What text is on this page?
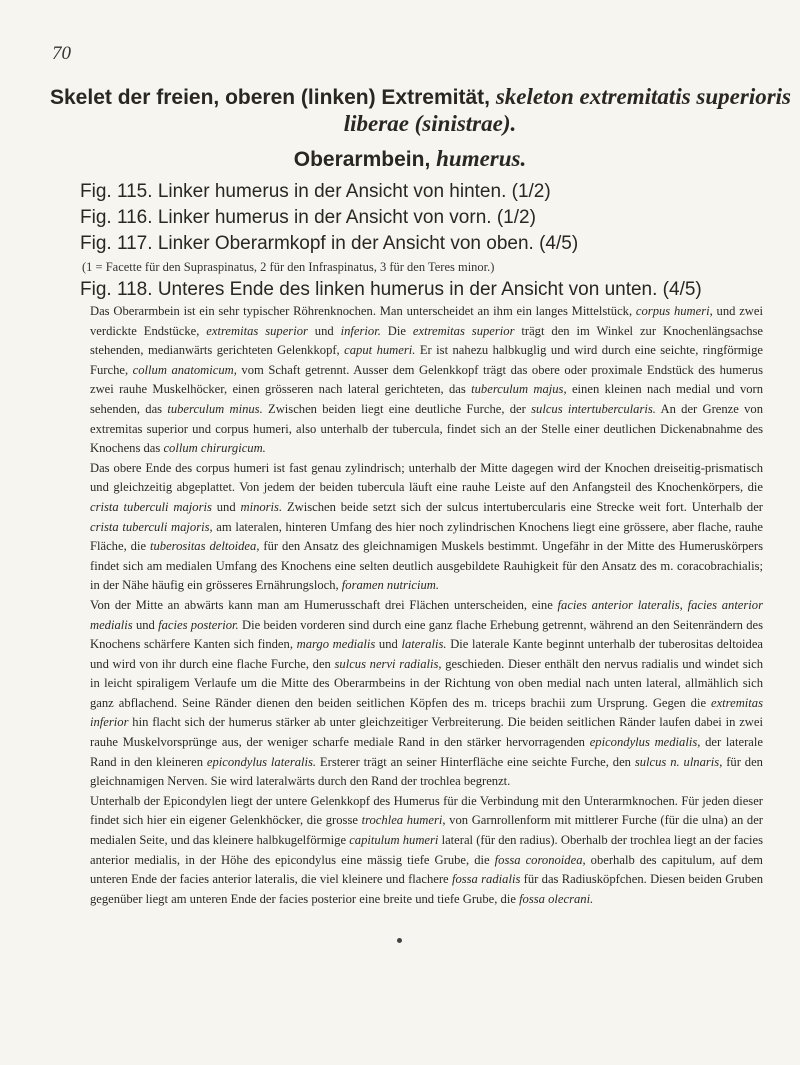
70
Skelet der freien, oberen (linken) Extremität, skeleton extremitatis superioris
liberae (sinistrae).
Oberarmbein, humerus.
Fig. 115. Linker humerus in der Ansicht von hinten. (1/2)
Fig. 116. Linker humerus in der Ansicht von vorn. (1/2)
Fig. 117. Linker Oberarmkopf in der Ansicht von oben. (4/5)
(1 = Facette für den Supraspinatus, 2 für den Infraspinatus, 3 für den Teres minor.)
Fig. 118. Unteres Ende des linken humerus in der Ansicht von unten. (4/5)

Das Oberarmbein ist ein sehr typischer Röhrenknochen. Man unterscheidet an ihm ein langes Mittelstück, corpus humeri, und zwei verdickte Endstücke, extremitas superior und inferior. Die extremitas superior trägt den im Winkel zur Knochenlängsachse stehenden, medianwärts gerichteten Gelenkkopf, caput humeri. Er ist nahezu halbkuglig und wird durch eine seichte, ringförmige Furche, collum anatomicum, vom Schaft getrennt. Ausser dem Gelenkkopf trägt das obere oder proximale Endstück des humerus zwei rauhe Muskelhöcker, einen grösseren nach lateral gerichteten, das tuberculum majus, einen kleinen nach medial und vorn sehenden, das tuberculum minus. Zwischen beiden liegt eine deutliche Furche, der sulcus intertubercularis. An der Grenze von extremitas superior und corpus humeri, also unterhalb der tubercula, findet sich an der Stelle einer deutlichen Dickenabnahme des Knochens das collum chirurgicum.

Das obere Ende des corpus humeri ist fast genau zylindrisch; unterhalb der Mitte dagegen wird der Knochen dreiseitig-prismatisch und gleichzeitig abgeplattet. Von jedem der beiden tubercula läuft eine rauhe Leiste auf den Anfangsteil des Knochenkörpers, die crista tuberculi majoris und minoris. Zwischen beide setzt sich der sulcus intertubercularis eine Strecke weit fort. Unterhalb der crista tuberculi majoris, am lateralen, hinteren Umfang des hier noch zylindrischen Knochens liegt eine grössere, aber flache, rauhe Fläche, die tuberositas deltoidea, für den Ansatz des gleichnamigen Muskels bestimmt. Ungefähr in der Mitte des Humeruskörpers findet sich am medialen Umfang des Knochens eine selten deutlich ausgebildete Rauhigkeit für den Ansatz des m. coracobrachialis; in der Nähe häufig ein grösseres Ernährungsloch, foramen nutricium.

Von der Mitte an abwärts kann man am Humerusschaft drei Flächen unterscheiden, eine facies anterior lateralis, facies anterior medialis und facies posterior. Die beiden vorderen sind durch eine ganz flache Erhebung getrennt, während an den Seitenrändern des Knochens schärfere Kanten sich finden, margo medialis und lateralis. Die laterale Kante beginnt unterhalb der tuberositas deltoidea und wird von ihr durch eine flache Furche, den sulcus nervi radialis, geschieden. Dieser enthält den nervus radialis und windet sich in leicht spiraligem Verlaufe um die Mitte des Oberarmbeins in der Richtung von oben medial nach unten lateral, allmählich sich ganz abflachend. Seine Ränder dienen den beiden seitlichen Köpfen des m. triceps brachii zum Ursprung. Gegen die extremitas inferior hin flacht sich der humerus stärker ab unter gleichzeitiger Verbreiterung. Die beiden seitlichen Ränder laufen dabei in zwei rauhe Muskelvorsprünge aus, der weniger scharfe mediale Rand in den stärker hervorragenden epicondylus medialis, der laterale Rand in den kleineren epicondylus lateralis. Ersterer trägt an seiner Hinterfläche eine seichte Furche, den sulcus n. ulnaris, für den gleichnamigen Nerven. Sie wird lateralwärts durch den Rand der trochlea begrenzt.

Unterhalb der Epicondylen liegt der untere Gelenkkopf des Humerus für die Verbindung mit den Unterarmknochen. Für jeden dieser findet sich hier ein eigener Gelenkhöcker, die grosse trochlea humeri, von Garnrollenform mit mittlerer Furche (für die ulna) an der medialen Seite, und das kleinere halbkugelförmige capitulum humeri lateral (für den radius). Oberhalb der trochlea liegt an der facies anterior medialis, in der Höhe des epicondylus eine mässig tiefe Grube, die fossa coronoidea, oberhalb des capitulum, auf dem unteren Ende der facies anterior lateralis, die viel kleinere und flachere fossa radialis für das Radiusköpfchen. Diesen beiden Gruben gegenüber liegt am unteren Ende der facies posterior eine breite und tiefe Grube, die fossa olecrani.
